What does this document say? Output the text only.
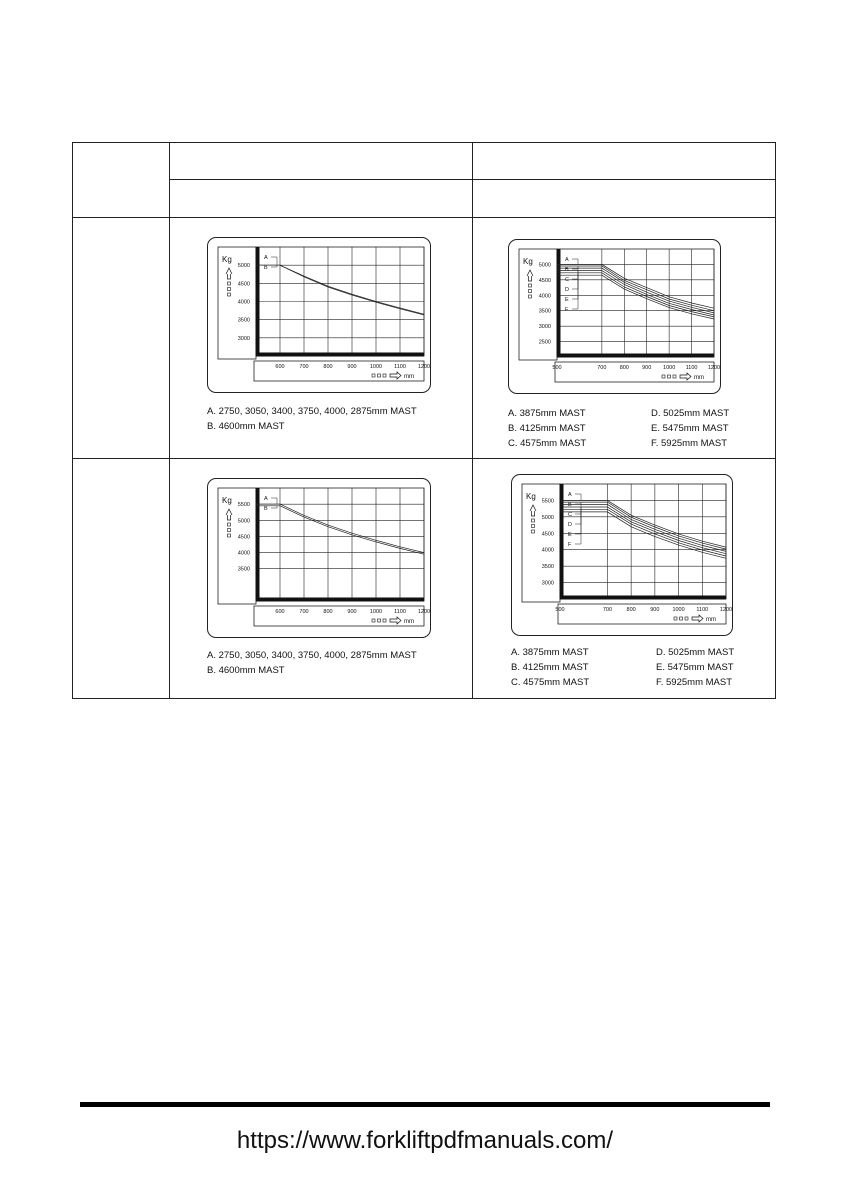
5000
4500
4000
3500
3000
600	700	800	900 1000 1100 1200
Kg
mm
A
B
A. 2750, 3050, 3400, 3750, 4000, 2875mm MAST
B. 4600mm MAST
5000
4500
4000
3500
3000
2500
500	700 800 900 1000 1100 1200
Kg
mm
A
B
C
D
E
F
A. 3875mm MAST
B. 4125mm MAST
C. 4575mm MAST
D. 5025mm MAST
E. 5475mm MAST
F. 5925mm MAST
5500
5000
4500
4000
3500
600	700	800	900 1000 1100 1200
Kg
mm
A
B
A. 2750, 3050, 3400, 3750, 4000, 2875mm MAST
B. 4600mm MAST
5500
5000
4500
4000
3500
3000
500	700	800	900 1000 1100 1200
Kg
mm
A
B
C
D
E
F
A. 3875mm MAST
B. 4125mm MAST
C. 4575mm MAST
D. 5025mm MAST
E. 5475mm MAST
F. 5925mm MAST
https://www.forkliftpdfmanuals.com/
